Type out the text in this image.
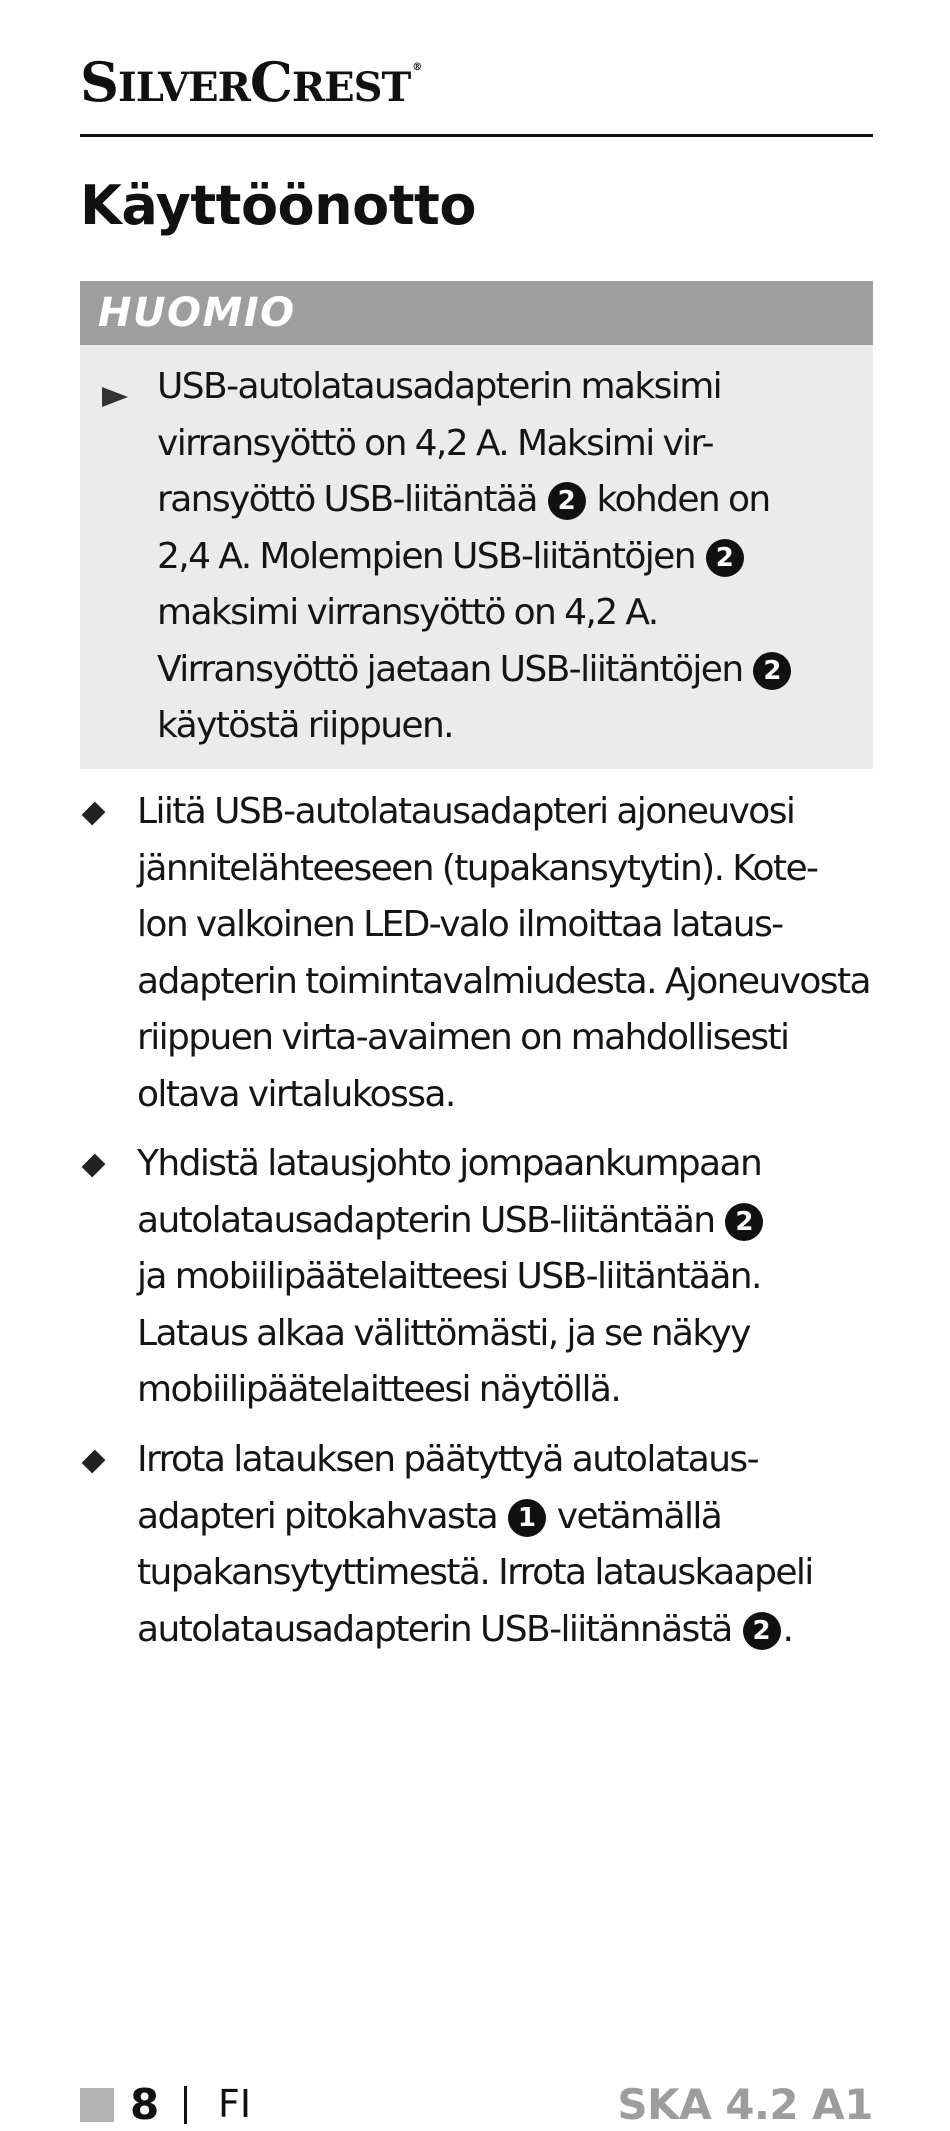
SILVERCREST ®
Käyttöönotto
HUOMIO
USB-autolatausadapterin maksimi
virransyöttö on 4,2 A. Maksimi vir-
ransyöttö USB-liitäntää 2 kohden on
2,4 A. Molempien USB-liitäntöjen 2
maksimi virransyöttö on 4,2 A.
Virransyöttö jaetaan USB-liitäntöjen 2
käytöstä riippuen.
Liitä USB-autolatausadapteri ajoneuvosi
jännitelähteeseen (tupakansytytin). Kote-
lon valkoinen LED-valo ilmoittaa lataus-
adapterin toimintavalmiudesta. Ajoneuvosta
riippuen virta-avaimen on mahdollisesti
oltava virtalukossa.
Yhdistä latausjohto jompaankumpaan
autolatausadapterin USB-liitäntään 2
ja mobiilipäätelaitteesi USB-liitäntään.
Lataus alkaa välittömästi, ja se näkyy
mobiilipäätelaitteesi näytöllä.
Irrota latauksen päätyttyä autolataus-
adapteri pitokahvasta 1 vetämällä
tupakansytyttimestä. Irrota latauskaapeli
autolatausadapterin USB-liitännästä 2 .
8 FI	SKA 4.2 A1
